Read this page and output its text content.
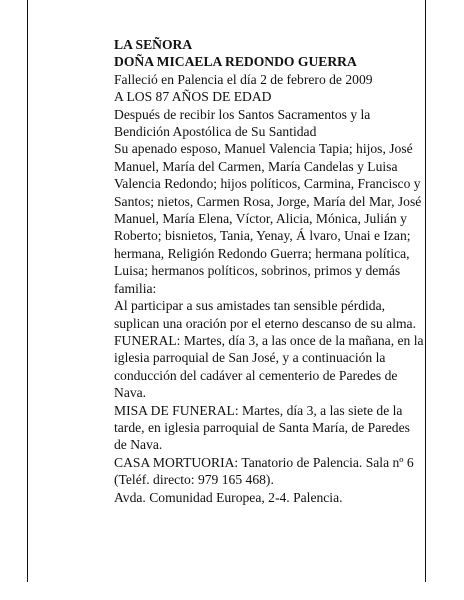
LA SEÑORA

DOÑA MICAELA REDONDO GUERRA

Falleció en Palencia el día 2 de febrero de 2009

A LOS 87 AÑOS DE EDAD

Después de recibir los Santos Sacramentos y la Bendición Apostólica de Su Santidad

Su apenado esposo, Manuel Valencia Tapia; hijos, José Manuel, María del Carmen, María Candelas y Luisa Valencia Redondo; hijos políticos, Carmina, Francisco y Santos; nietos, Carmen Rosa, Jorge, María del Mar, José Manuel, María Elena, Víctor, Alicia, Mónica, Julián y Roberto; bisnietos, Tania, Yenay, Á lvaro, Unai e Izan; hermana, Religión Redondo Guerra; hermana política, Luisa; hermanos políticos, sobrinos, primos y demás familia:

Al participar a sus amistades tan sensible pérdida, suplican una oración por el eterno descanso de su alma.

FUNERAL: Martes, día 3, a las once de la mañana, en la iglesia parroquial de San José, y a continuación la conducción del cadáver al cementerio de Paredes de Nava.

MISA DE FUNERAL: Martes, día 3, a las siete de la tarde, en iglesia parroquial de Santa María, de Paredes de Nava.

CASA MORTUORIA: Tanatorio de Palencia. Sala nº 6 (Teléf. directo: 979 165 468).

Avda. Comunidad Europea, 2-4. Palencia.
